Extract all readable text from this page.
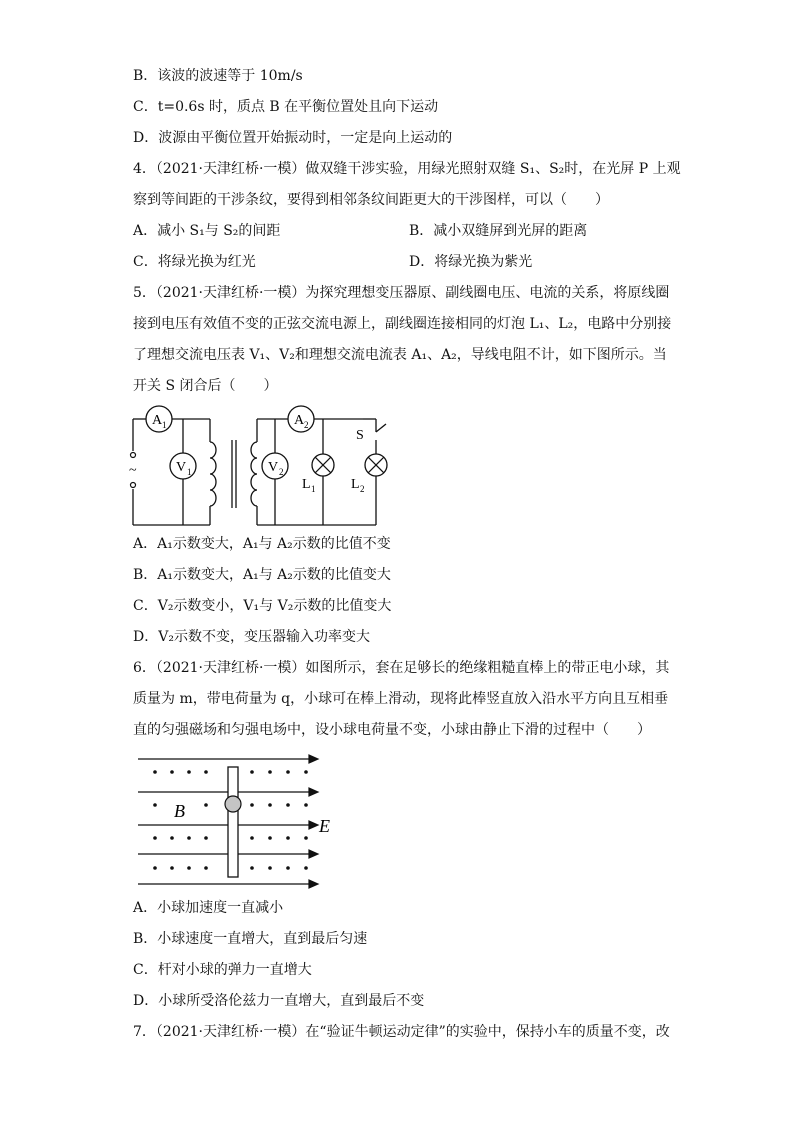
B．该波的波速等于 10m/s
C．t=0.6s 时，质点 B 在平衡位置处且向下运动
D．波源由平衡位置开始振动时，一定是向上运动的
4．（2021·天津红桥·一模）做双缝干涉实验，用绿光照射双缝 S₁、S₂时，在光屏 P 上观
察到等间距的干涉条纹，要得到相邻条纹间距更大的干涉图样，可以（　　）
A．减小 S₁与 S₂的间距	B．减小双缝屏到光屏的距离
C．将绿光换为红光	D．将绿光换为紫光
5．（2021·天津红桥·一模）为探究理想变压器原、副线圈电压、电流的关系，将原线圈
接到电压有效值不变的正弦交流电源上，副线圈连接相同的灯泡 L₁、L₂，电路中分别接
了理想交流电压表 V₁、V₂和理想交流电流表 A₁、A₂，导线电阻不计，如下图所示。当
开关 S 闭合后（　　）
~
A 1
V 1
A 2
V 2
L 1	L 2
S
A．A₁示数变大，A₁与 A₂示数的比值不变
B．A₁示数变大，A₁与 A₂示数的比值变大
C．V₂示数变小，V₁与 V₂示数的比值变大
D．V₂示数不变，变压器输入功率变大
6．（2021·天津红桥·一模）如图所示，套在足够长的绝缘粗糙直棒上的带正电小球，其
质量为 m，带电荷量为 q，小球可在棒上滑动，现将此棒竖直放入沿水平方向且互相垂
直的匀强磁场和匀强电场中，设小球电荷量不变，小球由静止下滑的过程中（　　）
B
E
A．小球加速度一直减小
B．小球速度一直增大，直到最后匀速
C．杆对小球的弹力一直增大
D．小球所受洛伦兹力一直增大，直到最后不变
7．（2021·天津红桥·一模）在“验证牛顿运动定律”的实验中，保持小车的质量不变，改
